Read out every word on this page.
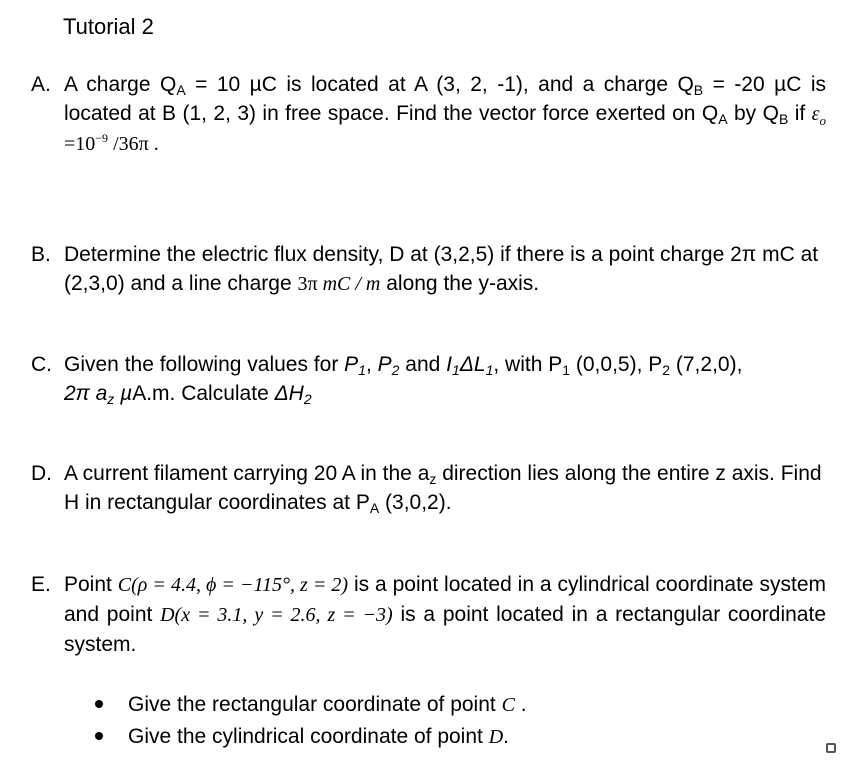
Tutorial 2
A. A charge $Q_A = 10$ µC is located at A (3, 2, -1), and a charge $Q_B = -20$ µC is located at B (1, 2, 3) in free space. Find the vector force exerted on $Q_A$ by $Q_B$ if $\varepsilon_o =10^{-9}$ /36π .
B. Determine the electric flux density, D at (3,2,5) if there is a point charge 2π mC at (2,3,0) and a line charge 3π mC / m along the y-axis.
C. Given the following values for $P_1$, $P_2$ and $I_1\Delta L_1$, with $P_1$ (0,0,5), $P_2$ (7,2,0),
2π $a_z$ µA.m. Calculate $\Delta H_2$
D. A current filament carrying 20 A in the $a_z$ direction lies along the entire z axis. Find H in rectangular coordinates at $P_A$ (3,0,2).
E. Point C(ρ = 4.4, ϕ = −115°, z = 2) is a point located in a cylindrical coordinate system and point D(x = 3.1, y = 2.6, z = −3) is a point located in a rectangular coordinate system.
Give the rectangular coordinate of point C .
Give the cylindrical coordinate of point D.
